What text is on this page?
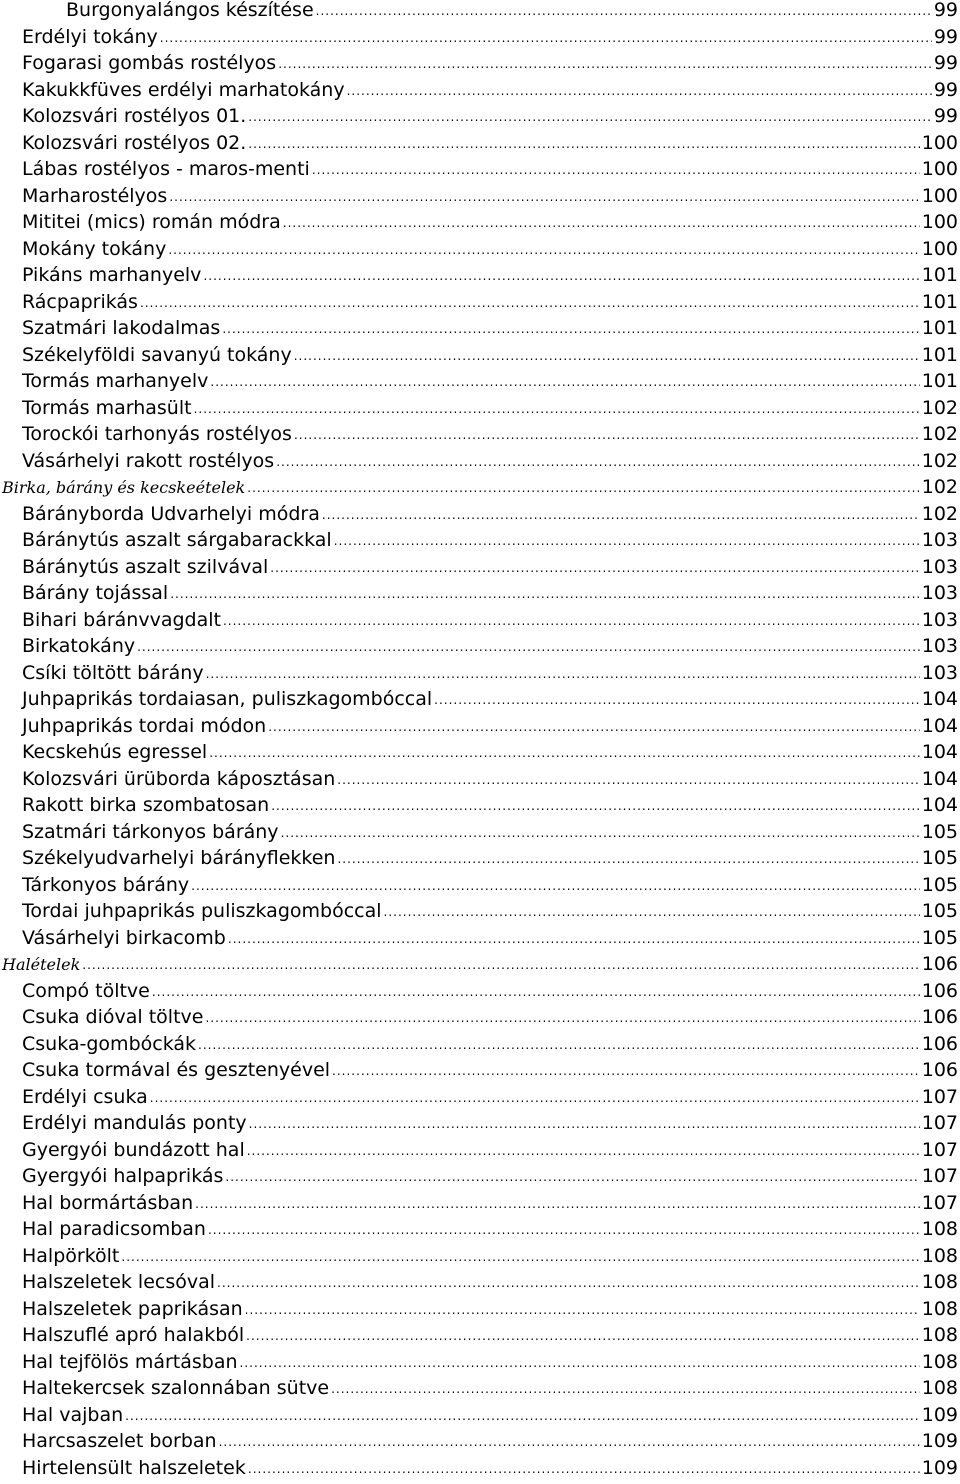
Burgonyalángos készítése .....	99
Erdélyi tokány .....	99
Fogarasi gombás rostélyos .....	99
Kakukkfüves erdélyi marhatokány .....	99
Kolozsvári rostélyos 01. .....	99
Kolozsvári rostélyos 02. .....	100
Lábas rostélyos - maros-menti .....	100
Marharostélyos .....	100
Mititei (mics) román módra .....	100
Mokány tokány .....	100
Pikáns marhanyelv .....	101
Rácpaprikás .....	101
Szatmári lakodalmas .....	101
Székelyföldi savanyú tokány .....	101
Tormás marhanyelv .....	101
Tormás marhasült .....	102
Torockói tarhonyás rostélyos .....	102
Vásárhelyi rakott rostélyos .....	102
Birka, bárány és kecskeételek .....	102
Bárányborda Udvarhelyi módra .....	102
Báránytús aszalt sárgabarackkal .....	103
Báránytús aszalt szilvával .....	103
Bárány tojással .....	103
Bihari báránvvagdalt .....	103
Birkatokány .....	103
Csíki töltött bárány .....	103
Juhpaprikás tordaiasan, puliszkagombóccal .....	104
Juhpaprikás tordai módon .....	104
Kecskehús egressel .....	104
Kolozsvári ürüborda káposztásan .....	104
Rakott birka szombatosan .....	104
Szatmári tárkonyos bárány .....	105
Székelyudvarhelyi bárányflekken .....	105
Tárkonyos bárány .....	105
Tordai juhpaprikás puliszkagombóccal .....	105
Vásárhelyi birkacomb .....	105
Halételek .....	106
Compó töltve .....	106
Csuka dióval töltve .....	106
Csuka-gombóckák .....	106
Csuka tormával és gesztenyével .....	106
Erdélyi csuka .....	107
Erdélyi mandulás ponty .....	107
Gyergyói bundázott hal .....	107
Gyergyói halpaprikás .....	107
Hal bormártásban .....	107
Hal paradicsomban .....	108
Halpörkölt .....	108
Halszeletek lecsóval .....	108
Halszeletek paprikásan .....	108
Halszuflé apró halakból .....	108
Hal tejfölös mártásban .....	108
Haltekercsek szalonnában sütve .....	108
Hal vajban .....	109
Harcsaszelet borban .....	109
Hirtelensült halszeletek .....	109
